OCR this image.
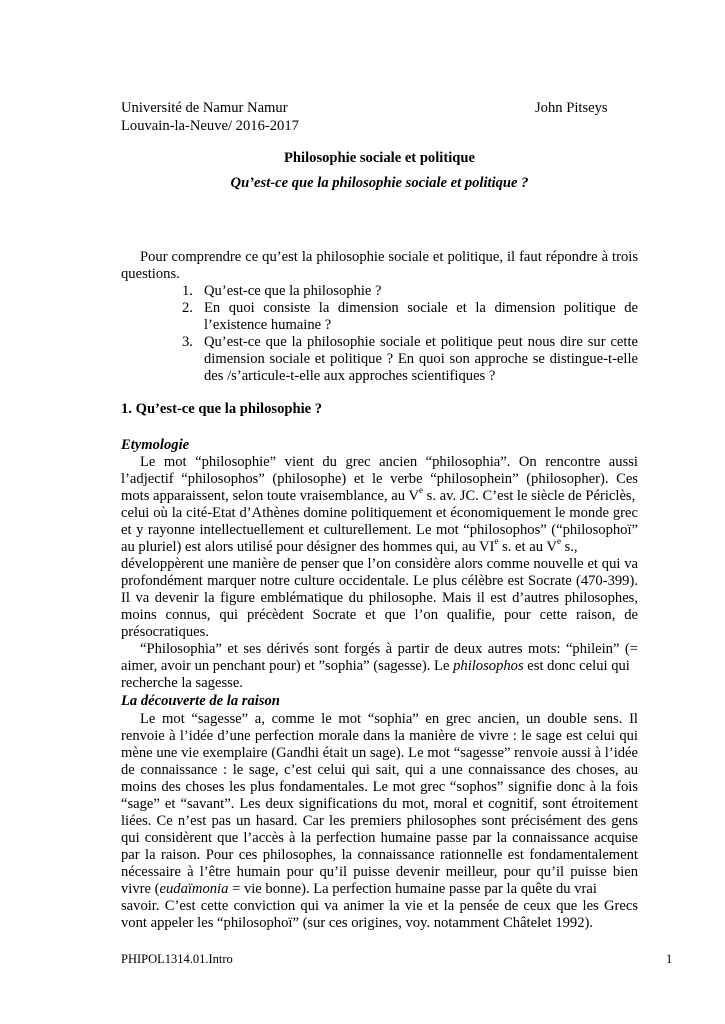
Université de Namur Namur	John Pitseys
Louvain-la-Neuve/ 2016-2017
Philosophie sociale et politique
Qu’est-ce que la philosophie sociale et politique ?
Pour comprendre ce qu’est la philosophie sociale et politique, il faut répondre à trois
questions.
1. Qu’est-ce que la philosophie ?
2. En quoi consiste la dimension sociale et la dimension politique de
l’existence humaine ?
3. Qu’est-ce que la philosophie sociale et politique peut nous dire sur cette
dimension sociale et politique ? En quoi son approche se distingue-t-elle
des /s’articule-t-elle aux approches scientifiques ?
1. Qu’est-ce que la philosophie ?
Etymologie
Le mot “philosophie” vient du grec ancien “philosophia”. On rencontre aussi
l’adjectif “philosophos” (philosophe) et le verbe “philosophein” (philosopher). Ces
mots apparaissent, selon toute vraisemblance, au Ve s. av. JC. C’est le siècle de Périclès,
celui où la cité-Etat d’Athènes domine politiquement et économiquement le monde grec
et y rayonne intellectuellement et culturellement. Le mot “philosophos” (“philosophoï”
au pluriel) est alors utilisé pour désigner des hommes qui, au VIe s. et au Ve s.,
développèrent une manière de penser que l’on considère alors comme nouvelle et qui va
profondément marquer notre culture occidentale. Le plus célèbre est Socrate (470-399).
Il va devenir la figure emblématique du philosophe. Mais il est d’autres philosophes,
moins connus, qui précèdent Socrate et que l’on qualifie, pour cette raison, de
présocratiques.
“Philosophia” et ses dérivés sont forgés à partir de deux autres mots: “philein” (=
aimer, avoir un penchant pour) et ”sophia” (sagesse). Le philosophos est donc celui qui
recherche la sagesse.
La découverte de la raison
Le mot “sagesse” a, comme le mot “sophia” en grec ancien, un double sens. Il
renvoie à l’idée d’une perfection morale dans la manière de vivre : le sage est celui qui
mène une vie exemplaire (Gandhi était un sage). Le mot “sagesse” renvoie aussi à l’idée
de connaissance : le sage, c’est celui qui sait, qui a une connaissance des choses, au
moins des choses les plus fondamentales. Le mot grec “sophos” signifie donc à la fois
“sage” et “savant”. Les deux significations du mot, moral et cognitif, sont étroitement
liées. Ce n’est pas un hasard. Car les premiers philosophes sont précisément des gens
qui considèrent que l’accès à la perfection humaine passe par la connaissance acquise
par la raison. Pour ces philosophes, la connaissance rationnelle est fondamentalement
nécessaire à l’être humain pour qu’il puisse devenir meilleur, pour qu’il puisse bien
vivre (eudaïmonia = vie bonne). La perfection humaine passe par la quête du vrai
savoir. C’est cette conviction qui va animer la vie et la pensée de ceux que les Grecs
vont appeler les “philosophoï” (sur ces origines, voy. notamment Châtelet 1992).
PHIPOL1314.01.Intro	1
